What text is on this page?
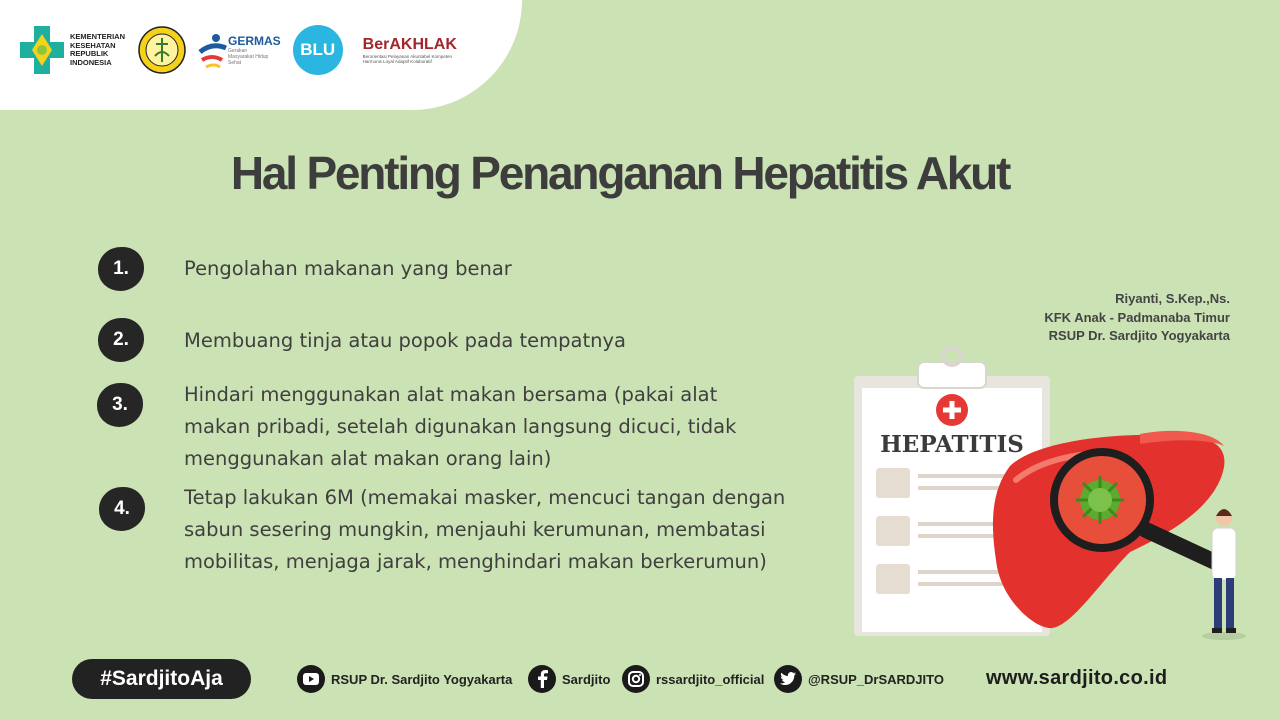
KEMENTERIAN KESEHATAN REPUBLIK INDONESIA
GERMAS
Gerakan Masyarakat Hidup Sehat
BLU	BerAKHLAK
Berorientasi Pelayanan Akuntabel Kompeten Harmonis Loyal Adaptif Kolaboratif
Hal Penting Penanganan Hepatitis Akut
1.	Pengolahan makanan yang benar
2.	Membuang tinja atau popok pada tempatnya
3.	Hindari menggunakan alat makan bersama (pakai alat
makan pribadi, setelah digunakan langsung dicuci, tidak
menggunakan alat makan orang lain)
4.	Tetap lakukan 6M (memakai masker, mencuci tangan dengan
sabun sesering mungkin, menjauhi kerumunan, membatasi
mobilitas, menjaga jarak, menghindari makan berkerumun)
Riyanti, S.Kep.,Ns.
KFK Anak - Padmanaba Timur
RSUP Dr. Sardjito Yogyakarta
HEPATITIS
#SardjitoAja	RSUP Dr. Sardjito Yogyakarta	Sardjito	rssardjito_official	@RSUP_DrSARDJITO www.sardjito.co.id
